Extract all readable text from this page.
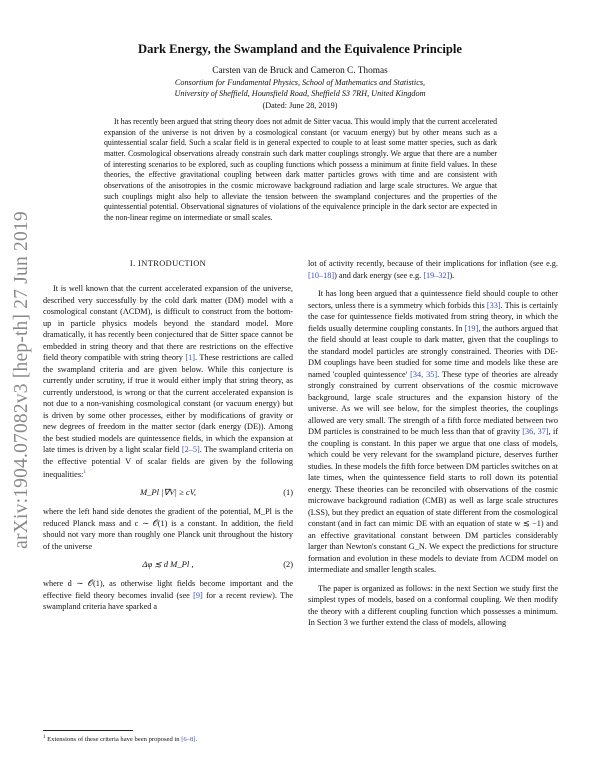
arXiv:1904.07082v3 [hep-th] 27 Jun 2019
Dark Energy, the Swampland and the Equivalence Principle
Carsten van de Bruck and Cameron C. Thomas
Consortium for Fundamental Physics, School of Mathematics and Statistics,
University of Sheffield, Hounsfield Road, Sheffield S3 7RH, United Kingdom
(Dated: June 28, 2019)
It has recently been argued that string theory does not admit de Sitter vacua. This would imply that the current accelerated expansion of the universe is not driven by a cosmological constant (or vacuum energy) but by other means such as a quintessential scalar field. Such a scalar field is in general expected to couple to at least some matter species, such as dark matter. Cosmological observations already constrain such dark matter couplings strongly. We argue that there are a number of interesting scenarios to be explored, such as coupling functions which possess a minimum at finite field values. In these theories, the effective gravitational coupling between dark matter particles grows with time and are consistent with observations of the anisotropies in the cosmic microwave background radiation and large scale structures. We argue that such couplings might also help to alleviate the tension between the swampland conjectures and the properties of the quintessential potential. Observational signatures of violations of the equivalence principle in the dark sector are expected in the non-linear regime on intermediate or small scales.
I. INTRODUCTION

It is well known that the current accelerated expansion of the universe, described very successfully by the cold dark matter (DM) model with a cosmological constant (ΛCDM), is difficult to construct from the bottom-up in particle physics models beyond the standard model. More dramatically, it has recently been conjectured that de Sitter space cannot be embedded in string theory and that there are restrictions on the effective field theory compatible with string theory [1]. These restrictions are called the swampland criteria and are given below. While this conjecture is currently under scrutiny, if true it would either imply that string theory, as currently understood, is wrong or that the current accelerated expansion is not due to a non-vanishing cosmological constant (or vacuum energy) but is driven by some other processes, either by modifications of gravity or new degrees of freedom in the matter sector (dark energy (DE)). Among the best studied models are quintessence fields, in which the expansion at late times is driven by a light scalar field [2–5]. The swampland criteria on the effective potential V of scalar fields are given by the following inequalities:$^1$

M_Pl |∇V| ≥ cV,	(1)

where the left hand side denotes the gradient of the potential, M_Pl is the reduced Planck mass and c ∼ 𝒪(1) is a constant. In addition, the field should not vary more than roughly one Planck unit throughout the history of the universe

Δφ ≲ d M_Pl ,	(2)

where d ∼ 𝒪(1), as otherwise light fields become important and the effective field theory becomes invalid (see [9] for a recent review). The swampland criteria have sparked a

$^1$ Extensions of these criteria have been proposed in [6–8].

lot of activity recently, because of their implications for inflation (see e.g. [10–18]) and dark energy (see e.g. [19–32]).

It has long been argued that a quintessence field should couple to other sectors, unless there is a symmetry which forbids this [33]. This is certainly the case for quintessence fields motivated from string theory, in which the fields usually determine coupling constants. In [19], the authors argued that the field should at least couple to dark matter, given that the couplings to the standard model particles are strongly constrained. Theories with DE-DM couplings have been studied for some time and models like these are named 'coupled quintessence' [34, 35]. These type of theories are already strongly constrained by current observations of the cosmic microwave background, large scale structures and the expansion history of the universe. As we will see below, for the simplest theories, the couplings allowed are very small. The strength of a fifth force mediated between two DM particles is constrained to be much less than that of gravity [36, 37], if the coupling is constant. In this paper we argue that one class of models, which could be very relevant for the swampland picture, deserves further studies. In these models the fifth force between DM particles switches on at late times, when the quintessence field starts to roll down its potential energy. These theories can be reconciled with observations of the cosmic microwave background radiation (CMB) as well as large scale structures (LSS), but they predict an equation of state different from the cosmological constant (and in fact can mimic DE with an equation of state w ≲ −1) and an effective gravitational constant between DM particles considerably larger than Newton's constant G_N. We expect the predictions for structure formation and evolution in these models to deviate from ΛCDM model on intermediate and smaller length scales.

The paper is organized as follows: in the next Section we study first the simplest types of models, based on a conformal coupling. We then modify the theory with a different coupling function which possesses a minimum. In Section 3 we further extend the class of models, allowing
